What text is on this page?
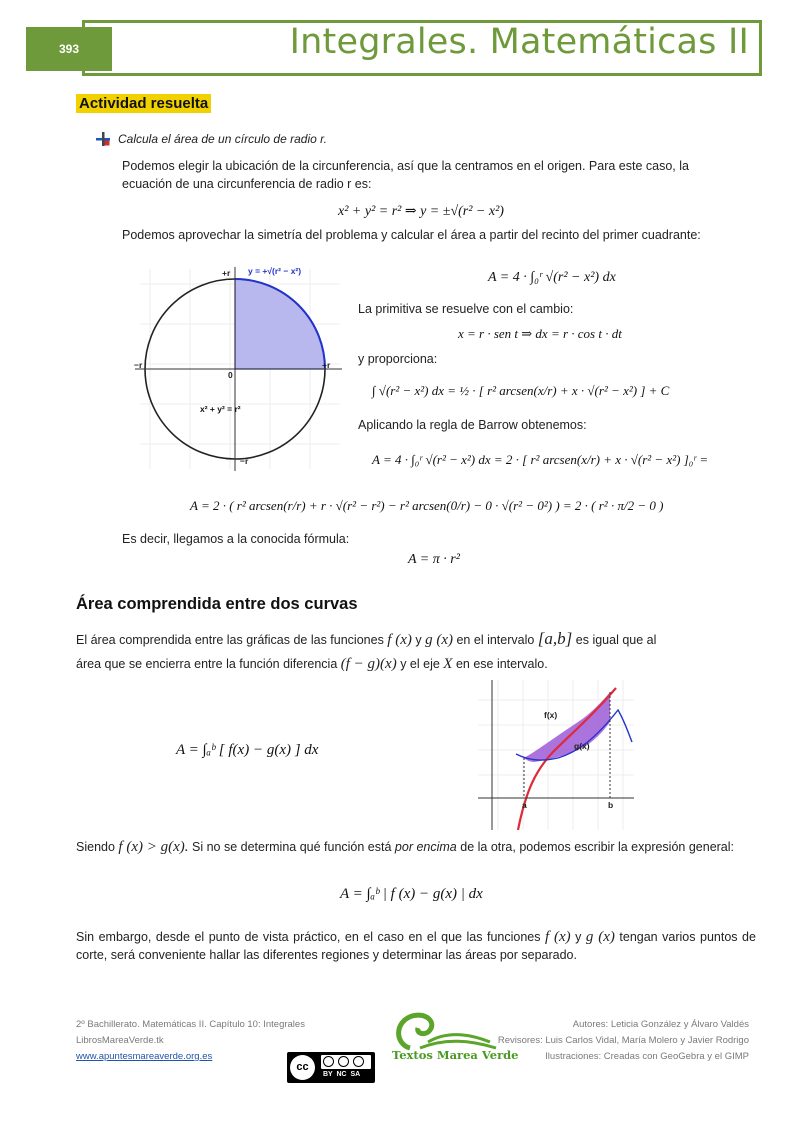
393	Integrales. Matemáticas II
Actividad resuelta
Calcula el área de un círculo de radio r.
Podemos elegir la ubicación de la circunferencia, así que la centramos en el origen. Para este caso, la ecuación de una circunferencia de radio r es:
x² + y² = r² ⇒ y = ±√(r² − x²)
Podemos aprovechar la simetría del problema y calcular el área a partir del recinto del primer cuadrante:
y = +√(r² − x²)
x² + y² = r²
+r
−r
+r
−r
0
A = 4 · ∫₀ʳ √(r² − x²) dx
La primitiva se resuelve con el cambio:
x = r · sen t ⇒ dx = r · cos t · dt
y proporciona:
∫ √(r² − x²) dx = ½ · [ r² arcsen(x/r) + x · √(r² − x²) ] + C
Aplicando la regla de Barrow obtenemos:
A = 4 · ∫₀ʳ √(r² − x²) dx = 2 · [ r² arcsen(x/r) + x · √(r² − x²) ]₀ʳ =
A = 2 · ( r² arcsen(r/r) + r · √(r² − r²) − r² arcsen(0/r) − 0 · √(r² − 0²) ) = 2 · ( r² · π/2 − 0 )
Es decir, llegamos a la conocida fórmula:
A = π · r²
Área comprendida entre dos curvas
El área comprendida entre las gráficas de las funciones f (x) y g (x) en el intervalo [a,b] es igual que al
área que se encierra entre la función diferencia (f − g)(x) y el eje X en ese intervalo.
A = ∫ₐᵇ [ f(x) − g(x) ] dx
f(x)
g(x)
a	b
Siendo f (x) > g(x). Si no se determina qué función está por encima de la otra, podemos escribir la expresión general:
A = ∫ₐᵇ | f (x) − g(x) | dx
Sin embargo, desde el punto de vista práctico, en el caso en el que las funciones f (x) y g (x) tengan varios puntos de corte, será conveniente hallar las diferentes regiones y determinar las áreas por separado.
2º Bachillerato. Matemáticas II. Capítulo 10: Integrales
LibrosMareaVerde.tk
www.apuntesmareaverde.org.es
cc
BY  NC  SA
Textos Marea Verde
Autores: Leticia González y Álvaro Valdés
Revisores: Luis Carlos Vidal, María Molero y Javier Rodrigo
Ilustraciones: Creadas con GeoGebra y el GIMP
